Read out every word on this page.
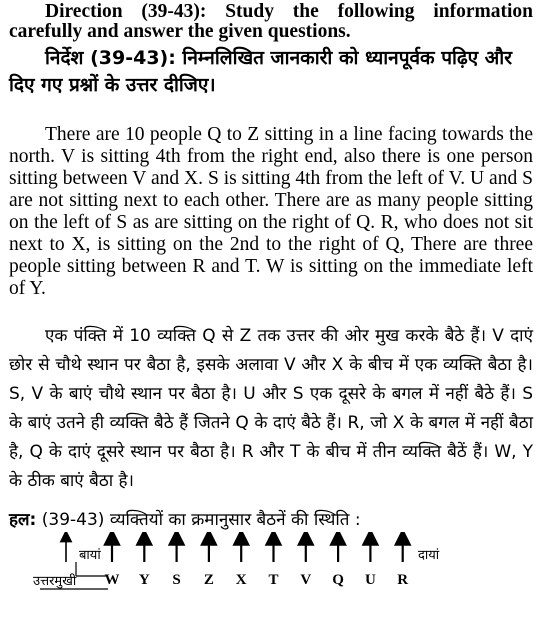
Direction (39-43): Study the following information carefully and answer the given questions.
निर्देश (39-43): निम्नलिखित जानकारी को ध्यानपूर्वक पढ़िए और दिए गए प्रश्नों के उत्तर दीजिए।
There are 10 people Q to Z sitting in a line facing towards the north. V is sitting 4th from the right end, also there is one person sitting between V and X. S is sitting 4th from the left of V. U and S are not sitting next to each other. There are as many people sitting on the left of S as are sitting on the right of Q. R, who does not sit next to X, is sitting on the 2nd to the right of Q, There are three people sitting between R and T. W is sitting on the immediate left of Y.
एक पंक्ति में 10 व्यक्ति Q से Z तक उत्तर की ओर मुख करके बैठे हैं। V दाएं छोर से चौथे स्थान पर बैठा है, इसके अलावा V और X के बीच में एक व्यक्ति बैठा है। S, V के बाएं चौथे स्थान पर बैठा है। U और S एक दूसरे के बगल में नहीं बैठे हैं। S के बाएं उतने ही व्यक्ति बैठे हैं जितने Q के दाएं बैठे हैं। R, जो X के बगल में नहीं बैठा है, Q के दाएं दूसरे स्थान पर बैठा है। R और T के बीच में तीन व्यक्ति बैठें हैं। W, Y के ठीक बाएं बैठा है।
हल: (39-43) व्यक्तियों का क्रमानुसार बैठनें की स्थिति :
बायां	दायां
उत्तरमुखी W Y S Z X T V Q U R
